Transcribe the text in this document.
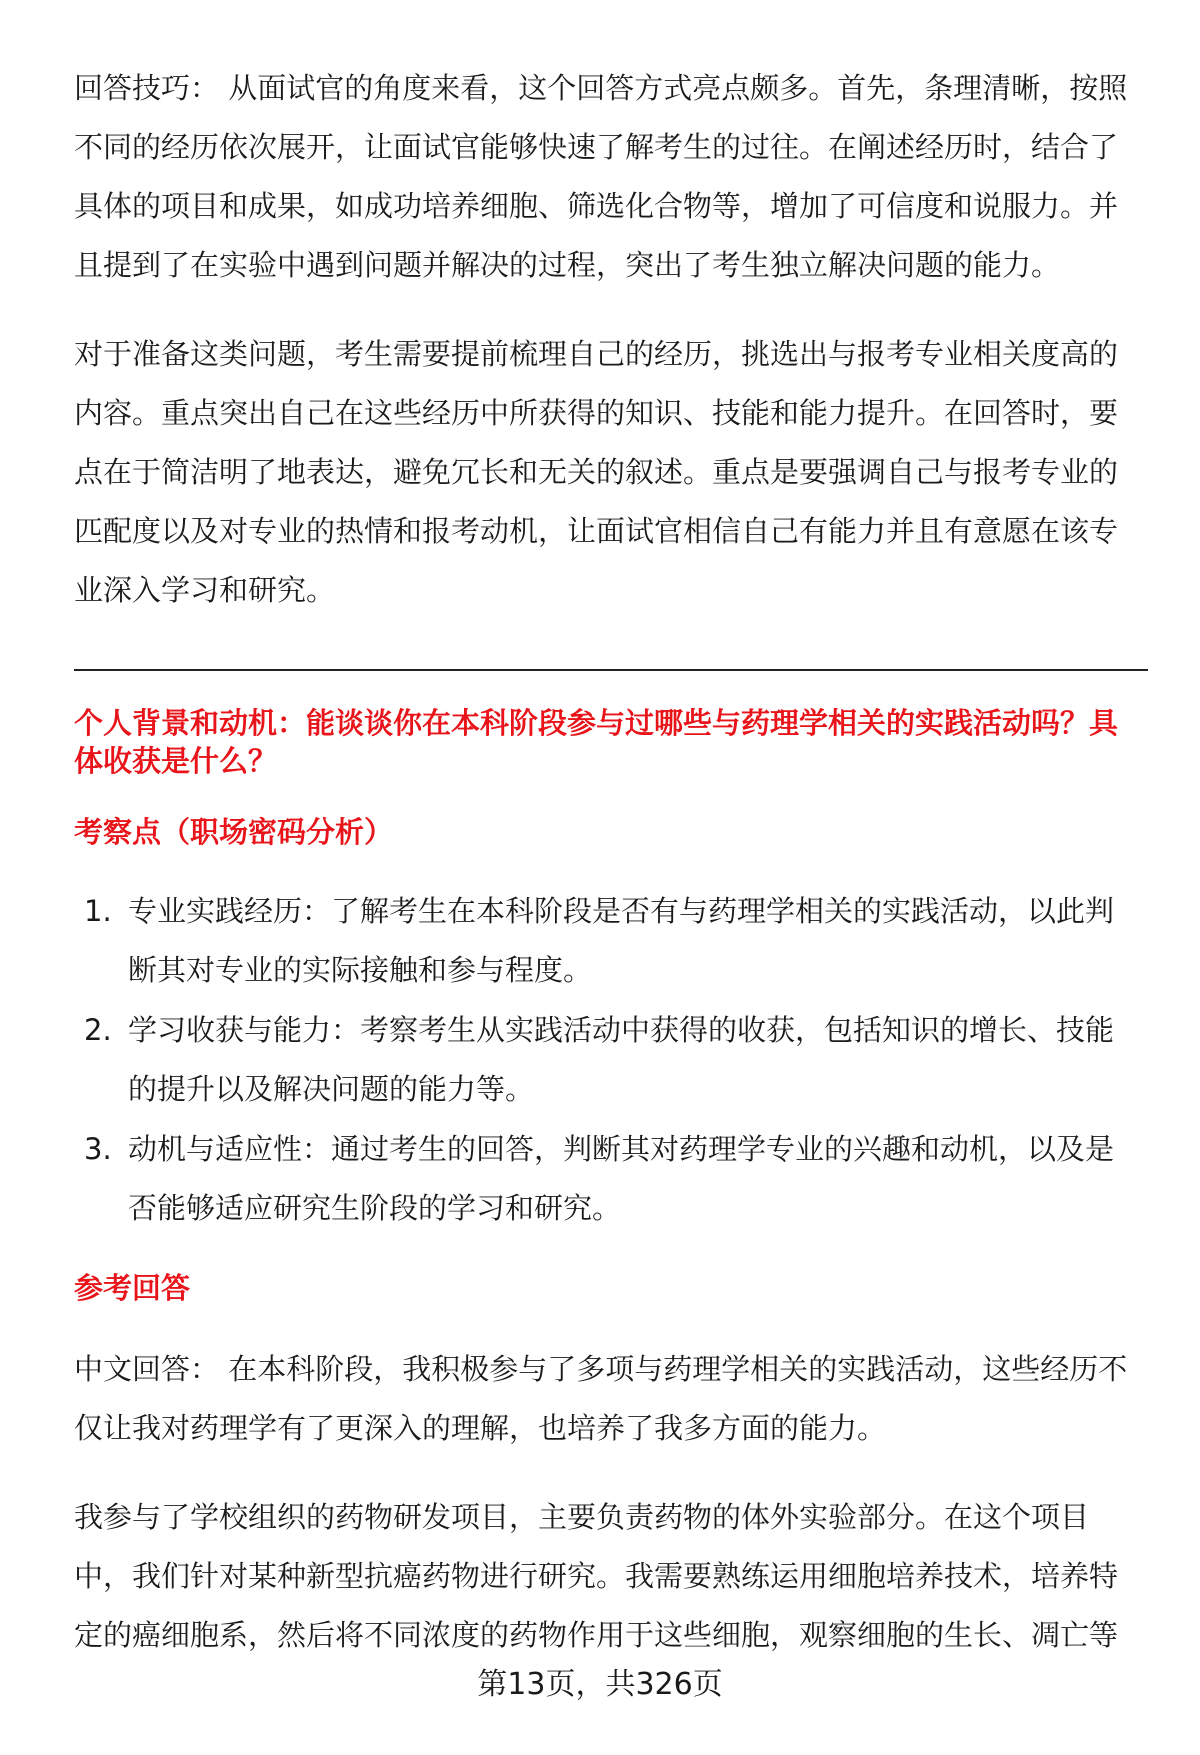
回答技巧： 从面试官的角度来看，这个回答方式亮点颇多。首先，条理清晰，按照
不同的经历依次展开，让面试官能够快速了解考生的过往。在阐述经历时，结合了
具体的项目和成果，如成功培养细胞、筛选化合物等，增加了可信度和说服力。并
且提到了在实验中遇到问题并解决的过程，突出了考生独立解决问题的能力。
对于准备这类问题，考生需要提前梳理自己的经历，挑选出与报考专业相关度高的
内容。重点突出自己在这些经历中所获得的知识、技能和能力提升。在回答时，要
点在于简洁明了地表达，避免冗长和无关的叙述。重点是要强调自己与报考专业的
匹配度以及对专业的热情和报考动机，让面试官相信自己有能力并且有意愿在该专
业深入学习和研究。
个人背景和动机：能谈谈你在本科阶段参与过哪些与药理学相关的实践活动吗？具
体收获是什么？
考察点（职场密码分析）
1. 专业实践经历：了解考生在本科阶段是否有与药理学相关的实践活动，以此判
断其对专业的实际接触和参与程度。
2. 学习收获与能力：考察考生从实践活动中获得的收获，包括知识的增长、技能
的提升以及解决问题的能力等。
3. 动机与适应性：通过考生的回答，判断其对药理学专业的兴趣和动机，以及是
否能够适应研究生阶段的学习和研究。
参考回答
中文回答： 在本科阶段，我积极参与了多项与药理学相关的实践活动，这些经历不
仅让我对药理学有了更深入的理解，也培养了我多方面的能力。
我参与了学校组织的药物研发项目，主要负责药物的体外实验部分。在这个项目
中，我们针对某种新型抗癌药物进行研究。我需要熟练运用细胞培养技术，培养特
定的癌细胞系，然后将不同浓度的药物作用于这些细胞，观察细胞的生长、凋亡等
第13页，共326页
